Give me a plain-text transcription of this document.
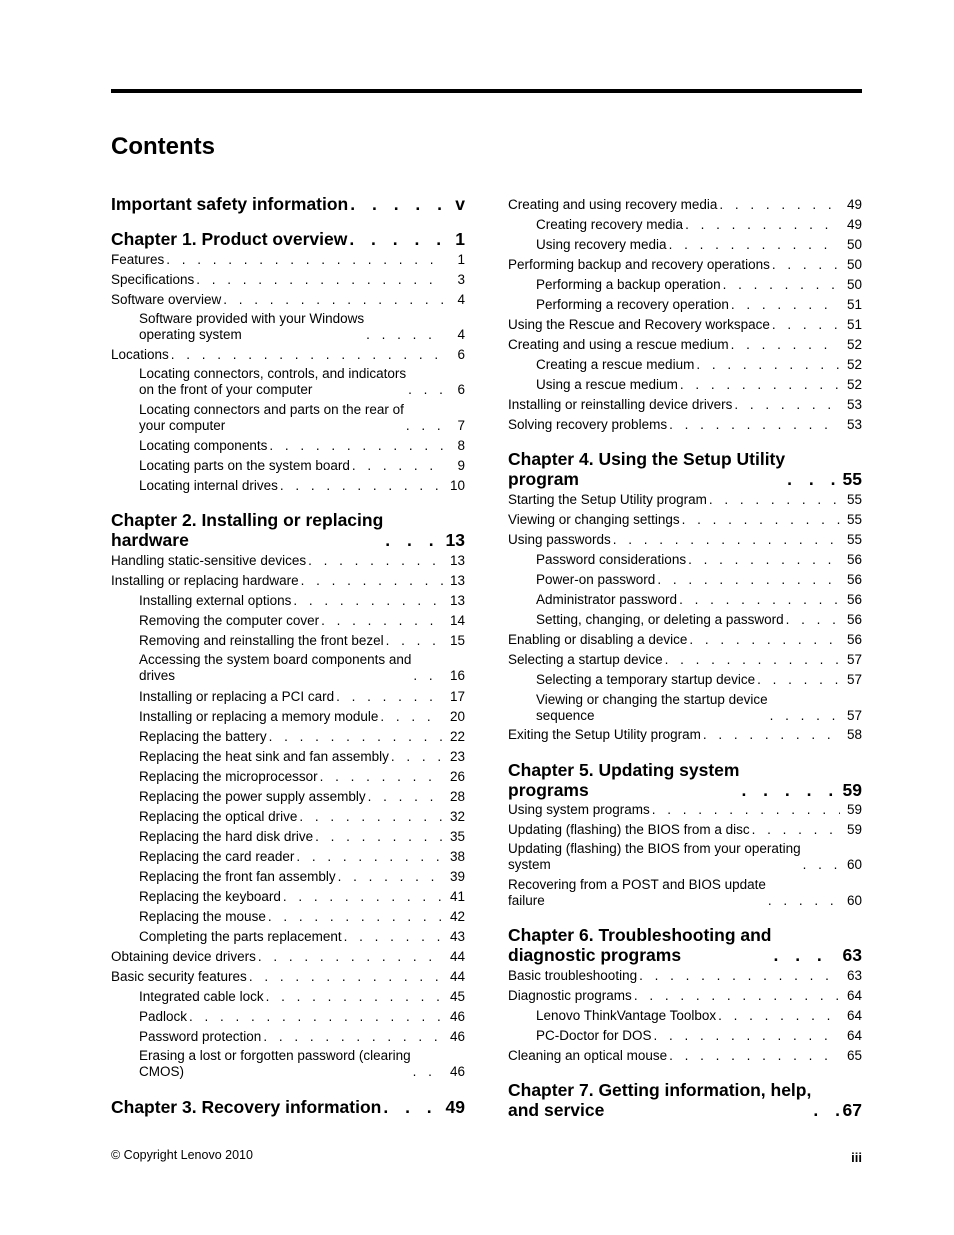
Contents
Important safety information . . .	v
Chapter 1. Product overview . . .	1
Features . . .	1
Specifications . . .	3
Software overview . . .	4
Software provided with your Windows
operating system . . .	4
Locations . . .	6
Locating connectors, controls, and indicators
on the front of your computer . . .	6
Locating connectors and parts on the rear of
your computer . . .	7
Locating components . . .	8
Locating parts on the system board . . .	9
Locating internal drives . . .	10
Chapter 2. Installing or replacing
hardware . . .	13
Handling static-sensitive devices . . .	13
Installing or replacing hardware . . .	13
Installing external options . . .	13
Removing the computer cover . . .	14
Removing and reinstalling the front bezel . . .	15
Accessing the system board components and
drives . . .	16
Installing or replacing a PCI card . . .	17
Installing or replacing a memory module . . .	20
Replacing the battery . . .	22
Replacing the heat sink and fan assembly . . .	23
Replacing the microprocessor . . .	26
Replacing the power supply assembly . . .	28
Replacing the optical drive . . .	32
Replacing the hard disk drive . . .	35
Replacing the card reader . . .	38
Replacing the front fan assembly . . .	39
Replacing the keyboard . . .	41
Replacing the mouse . . .	42
Completing the parts replacement . . .	43
Obtaining device drivers . . .	44
Basic security features . . .	44
Integrated cable lock . . .	45
Padlock . . .	46
Password protection . . .	46
Erasing a lost or forgotten password (clearing
CMOS) . . .	46
Chapter 3. Recovery information . . .	49
Creating and using recovery media . . .	49
Creating recovery media . . .	49
Using recovery media . . .	50
Performing backup and recovery operations . . .	50
Performing a backup operation . . .	50
Performing a recovery operation . . .	51
Using the Rescue and Recovery workspace . . .	51
Creating and using a rescue medium . . .	52
Creating a rescue medium . . .	52
Using a rescue medium . . .	52
Installing or reinstalling device drivers . . .	53
Solving recovery problems . . .	53
Chapter 4. Using the Setup Utility
program . . .	55
Starting the Setup Utility program . . .	55
Viewing or changing settings . . .	55
Using passwords . . .	55
Password considerations . . .	56
Power-on password . . .	56
Administrator password . . .	56
Setting, changing, or deleting a password . . .	56
Enabling or disabling a device . . .	56
Selecting a startup device . . .	57
Selecting a temporary startup device . . .	57
Viewing or changing the startup device
sequence . . .	57
Exiting the Setup Utility program . . .	58
Chapter 5. Updating system
programs . . .	59
Using system programs . . .	59
Updating (flashing) the BIOS from a disc . . .	59
Updating (flashing) the BIOS from your operating
system . . .	60
Recovering from a POST and BIOS update
failure . . .	60
Chapter 6. Troubleshooting and
diagnostic programs . . .	63
Basic troubleshooting . . .	63
Diagnostic programs . . .	64
Lenovo ThinkVantage Toolbox . . .	64
PC-Doctor for DOS . . .	64
Cleaning an optical mouse . . .	65
Chapter 7. Getting information, help,
and service . . .	67
© Copyright Lenovo 2010	iii
